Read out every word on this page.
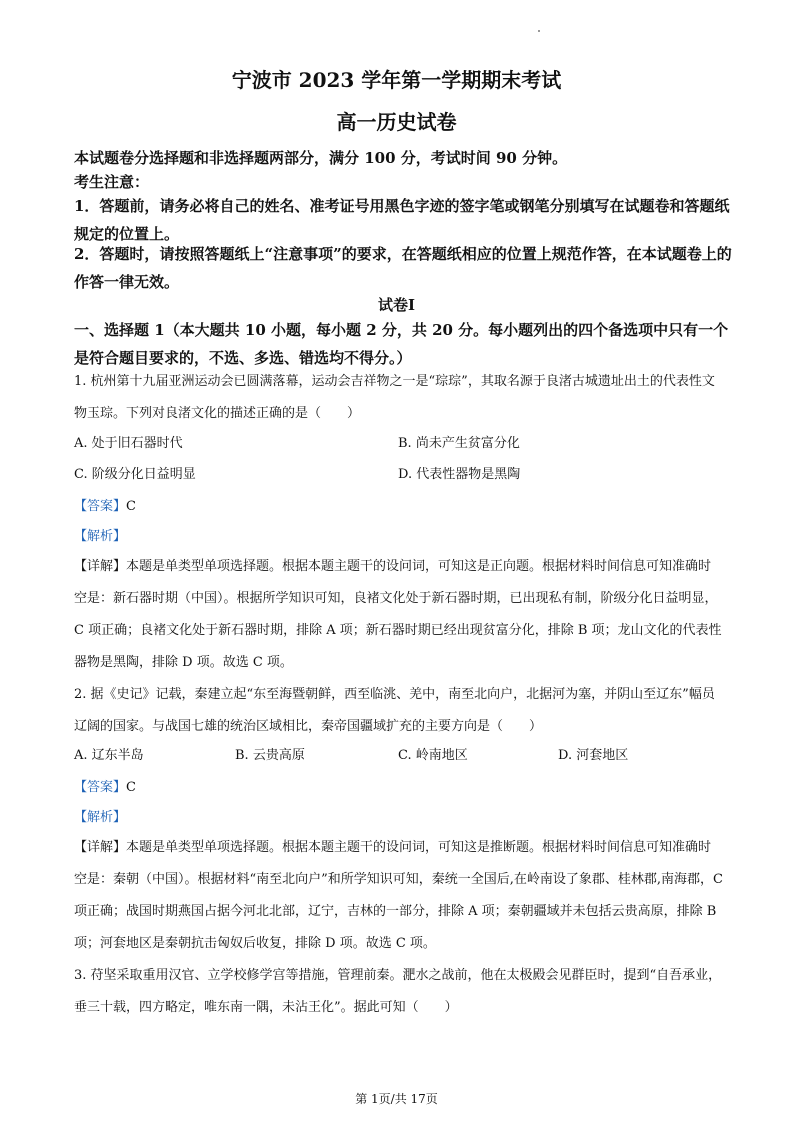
宁波市 2023 学年第一学期期末考试
高一历史试卷
本试题卷分选择题和非选择题两部分，满分 100 分，考试时间 90 分钟。
考生注意：
1．答题前，请务必将自己的姓名、准考证号用黑色字迹的签字笔或钢笔分别填写在试题卷和答题纸规定的位置上。
2．答题时，请按照答题纸上“注意事项”的要求，在答题纸相应的位置上规范作答，在本试题卷上的作答一律无效。
试卷Ⅰ
一、选择题 1（本大题共 10 小题，每小题 2 分，共 20 分。每小题列出的四个备选项中只有一个是符合题目要求的，不选、多选、错选均不得分。）
1. 杭州第十九届亚洲运动会已圆满落幕，运动会吉祥物之一是“琮琮”，其取名源于良渚古城遗址出土的代表性文物玉琮。下列对良渚文化的描述正确的是（　　）
A. 处于旧石器时代	B. 尚未产生贫富分化
C. 阶级分化日益明显	D. 代表性器物是黑陶
【答案】C
【解析】
【详解】本题是单类型单项选择题。根据本题主题干的设问词，可知这是正向题。根据材料时间信息可知准确时空是：新石器时期（中国）。根据所学知识可知，良褚文化处于新石器时期，已出现私有制，阶级分化日益明显，C 项正确；良褚文化处于新石器时期，排除 A 项；新石器时期已经出现贫富分化，排除 B 项；龙山文化的代表性器物是黑陶，排除 D 项。故选 C 项。
2. 据《史记》记载，秦建立起“东至海暨朝鲜，西至临洮、羌中，南至北向户，北据河为塞，并阴山至辽东”幅员辽阔的国家。与战国七雄的统治区域相比，秦帝国疆域扩充的主要方向是（　　）
A. 辽东半岛	B. 云贵高原	C. 岭南地区	D. 河套地区
【答案】C
【解析】
【详解】本题是单类型单项选择题。根据本题主题干的设问词，可知这是推断题。根据材料时间信息可知准确时空是：秦朝（中国）。根据材料“南至北向户”和所学知识可知，秦统一全国后,在岭南设了象郡、桂林郡,南海郡，C 项正确；战国时期燕国占据今河北北部，辽宁，吉林的一部分，排除 A 项；秦朝疆域并未包括云贵高原，排除 B 项；河套地区是秦朝抗击匈奴后收复，排除 D 项。故选 C 项。
3. 苻坚采取重用汉官、立学校修学宫等措施，管理前秦。淝水之战前，他在太极殿会见群臣时，提到“自吾承业，垂三十载，四方略定，唯东南一隅，未沾王化”。据此可知（　　）
第 1页/共 17页
